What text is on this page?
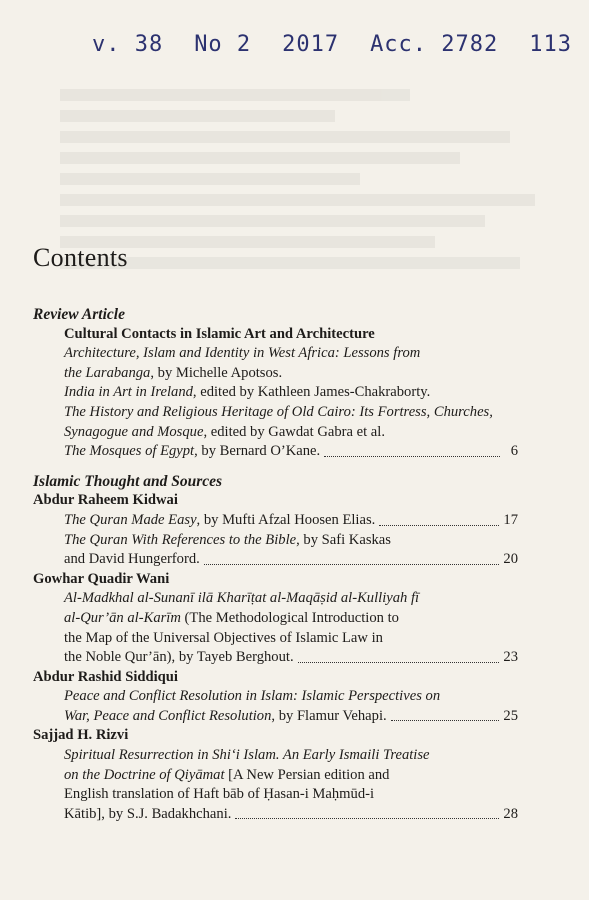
v. 38 No 2 2017 Acc. 2782 113
Contents
Review Article
Cultural Contacts in Islamic Art and Architecture
Architecture, Islam and Identity in West Africa: Lessons from
the Larabanga, by Michelle Apotsos.
India in Art in Ireland, edited by Kathleen James-Chakraborty.
The History and Religious Heritage of Old Cairo: Its Fortress, Churches,
Synagogue and Mosque, edited by Gawdat Gabra et al.
The Mosques of Egypt, by Bernard O’Kane.	6
Islamic Thought and Sources
Abdur Raheem Kidwai
The Quran Made Easy, by Mufti Afzal Hoosen Elias.	17
The Quran With References to the Bible, by Safi Kaskas
and David Hungerford.	20
Gowhar Quadir Wani
Al-Madkhal al-Sunanī ilā Kharīṭat al-Maqāṣid al-Kulliyah fī
al-Qur’ān al-Karīm (The Methodological Introduction to
the Map of the Universal Objectives of Islamic Law in
the Noble Qur’ān), by Tayeb Berghout.	23
Abdur Rashid Siddiqui
Peace and Conflict Resolution in Islam: Islamic Perspectives on
War, Peace and Conflict Resolution, by Flamur Vehapi.	25
Sajjad H. Rizvi
Spiritual Resurrection in Shi‘i Islam. An Early Ismaili Treatise
on the Doctrine of Qiyāmat [A New Persian edition and
English translation of Haft bāb of Ḥasan-i Maḥmūd-i
Kātib], by S.J. Badakhchani.	28
